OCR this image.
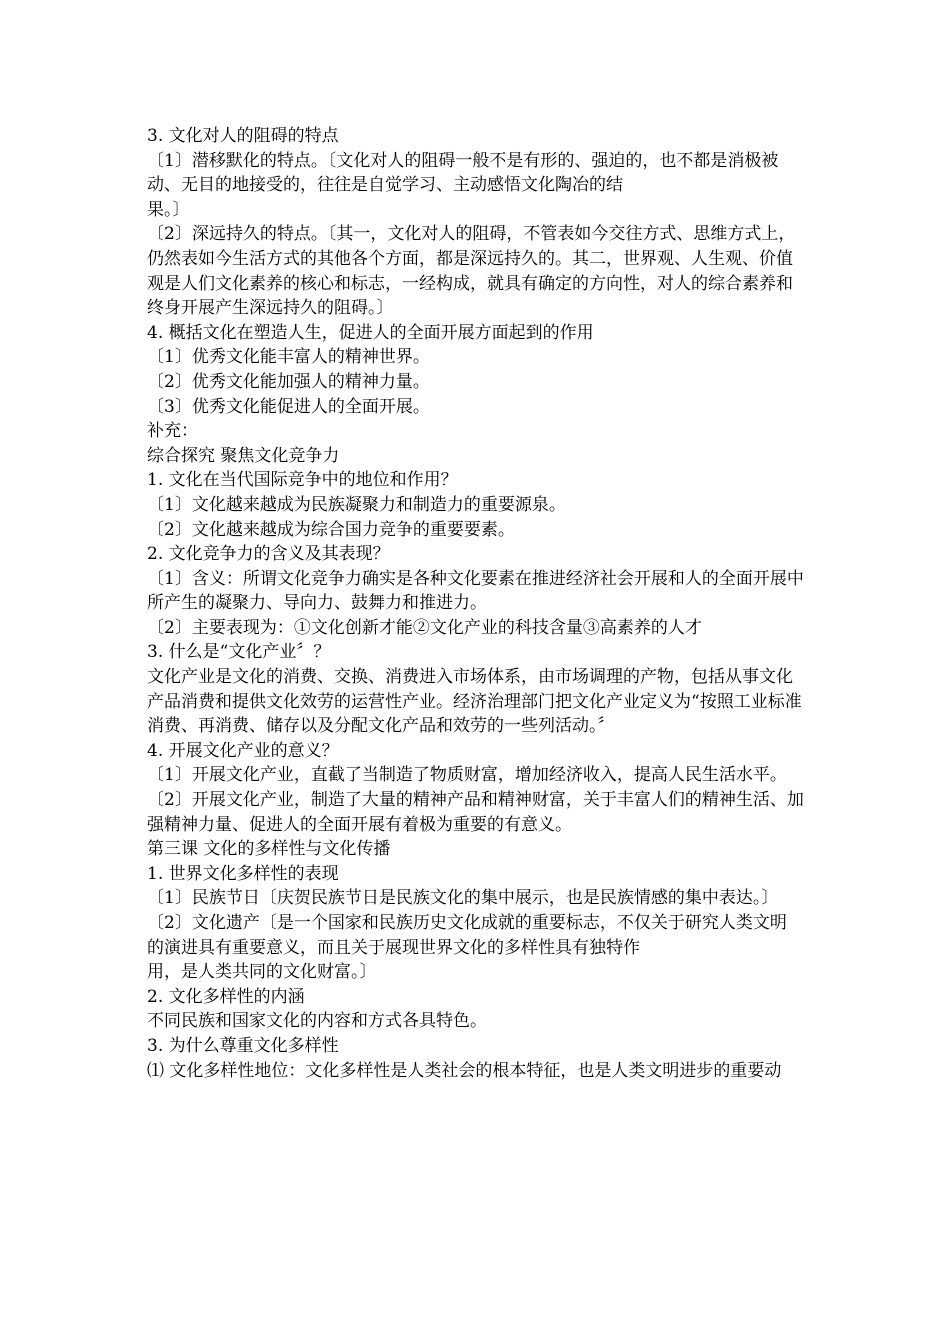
3. 文化对人的阻碍的特点

〔1〕潜移默化的特点。〔文化对人的阻碍一般不是有形的、强迫的，也不都是消极被动、无目的地接受的，往往是自觉学习、主动感悟文化陶冶的结

果。〕

〔2〕深远持久的特点。〔其一，文化对人的阻碍，不管表如今交往方式、思维方式上，仍然表如今生活方式的其他各个方面，都是深远持久的。其二，世界观、人生观、价值观是人们文化素养的核心和标志，一经构成，就具有确定的方向性，对人的综合素养和终身开展产生深远持久的阻碍。〕

4. 概括文化在塑造人生，促进人的全面开展方面起到的作用

〔1〕优秀文化能丰富人的精神世界。

〔2〕优秀文化能加强人的精神力量。

〔3〕优秀文化能促进人的全面开展。

补充：

综合探究 聚焦文化竞争力

1. 文化在当代国际竞争中的地位和作用？

〔1〕文化越来越成为民族凝聚力和制造力的重要源泉。

〔2〕文化越来越成为综合国力竞争的重要要素。

2. 文化竞争力的含义及其表现？

〔1〕含义：所谓文化竞争力确实是各种文化要素在推进经济社会开展和人的全面开展中所产生的凝聚力、导向力、鼓舞力和推进力。

〔2〕主要表现为：①文化创新才能②文化产业的科技含量③高素养的人才

3. 什么是“文化产业〞？

文化产业是文化的消费、交换、消费进入市场体系，由市场调理的产物，包括从事文化产品消费和提供文化效劳的运营性产业。经济治理部门把文化产业定义为“按照工业标准消费、再消费、储存以及分配文化产品和效劳的一些列活动。〞

4. 开展文化产业的意义？

〔1〕开展文化产业，直截了当制造了物质财富，增加经济收入，提高人民生活水平。

〔2〕开展文化产业，制造了大量的精神产品和精神财富，关于丰富人们的精神生活、加强精神力量、促进人的全面开展有着极为重要的有意义。

第三课 文化的多样性与文化传播

1. 世界文化多样性的表现

〔1〕民族节日〔庆贺民族节日是民族文化的集中展示，也是民族情感的集中表达。〕

〔2〕文化遗产〔是一个国家和民族历史文化成就的重要标志，不仅关于研究人类文明

的演进具有重要意义，而且关于展现世界文化的多样性具有独特作

用，是人类共同的文化财富。〕

2. 文化多样性的内涵

不同民族和国家文化的内容和方式各具特色。

3. 为什么尊重文化多样性

⑴ 文化多样性地位：文化多样性是人类社会的根本特征，也是人类文明进步的重要动
